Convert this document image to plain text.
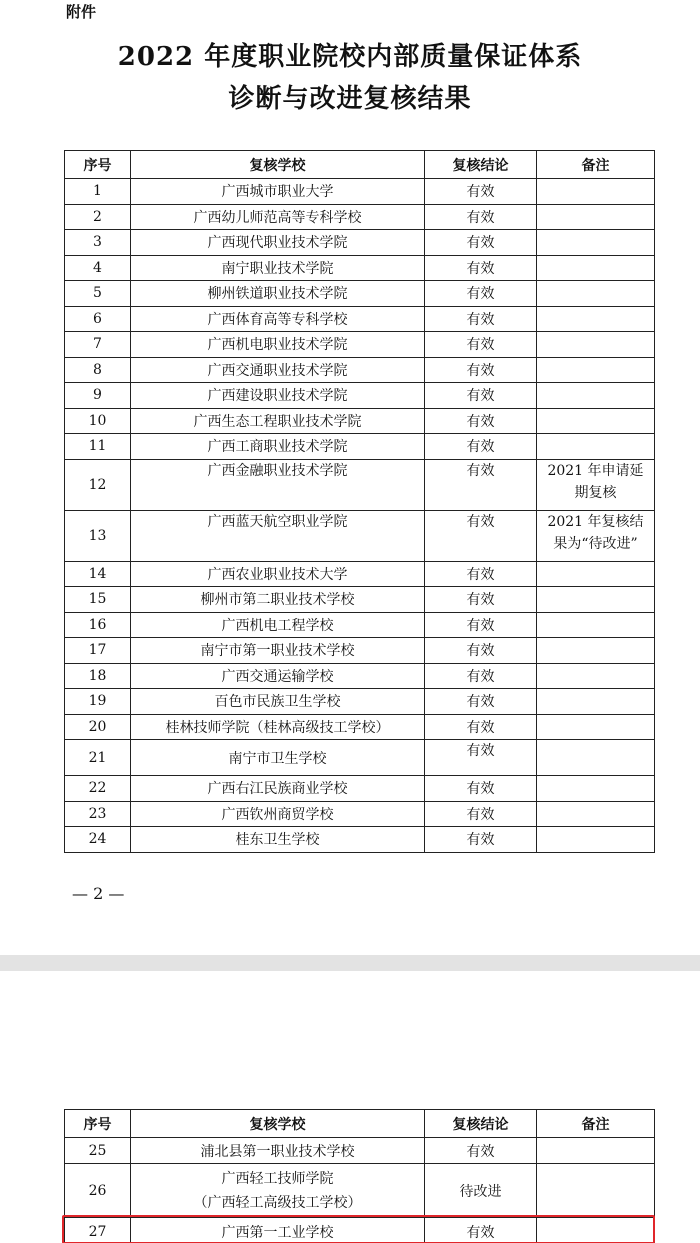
附件
2022 年度职业院校内部质量保证体系
诊断与改进复核结果
序号	复核学校	复核结论	备注
1	广西城市职业大学	有效	
2	广西幼儿师范高等专科学校	有效	
3	广西现代职业技术学院	有效	
4	南宁职业技术学院	有效	
5	柳州铁道职业技术学院	有效	
6	广西体育高等专科学校	有效	
7	广西机电职业技术学院	有效	
8	广西交通职业技术学院	有效	
9	广西建设职业技术学院	有效	
10	广西生态工程职业技术学院	有效	
11	广西工商职业技术学院	有效	
12	广西金融职业技术学院	有效	2021 年申请延
期复核

13	广西蓝天航空职业学院	有效	2021 年复核结
果为“待改进”

14	广西农业职业技术大学	有效	
15	柳州市第二职业技术学校	有效	
16	广西机电工程学校	有效	
17	南宁市第一职业技术学校	有效	
18	广西交通运输学校	有效	
19	百色市民族卫生学校	有效	
20	桂林技师学院（桂林高级技工学校）	有效	
21	南宁市卫生学校	有效	
22	广西右江民族商业学校	有效	
23	广西钦州商贸学校	有效	
24	桂东卫生学校	有效	
— 2 —
序号	复核学校	复核结论	备注
25	浦北县第一职业技术学校	有效	
26	广西轻工技师学院
（广西轻工高级技工学校）	待改进	
27	广西第一工业学校	有效	
